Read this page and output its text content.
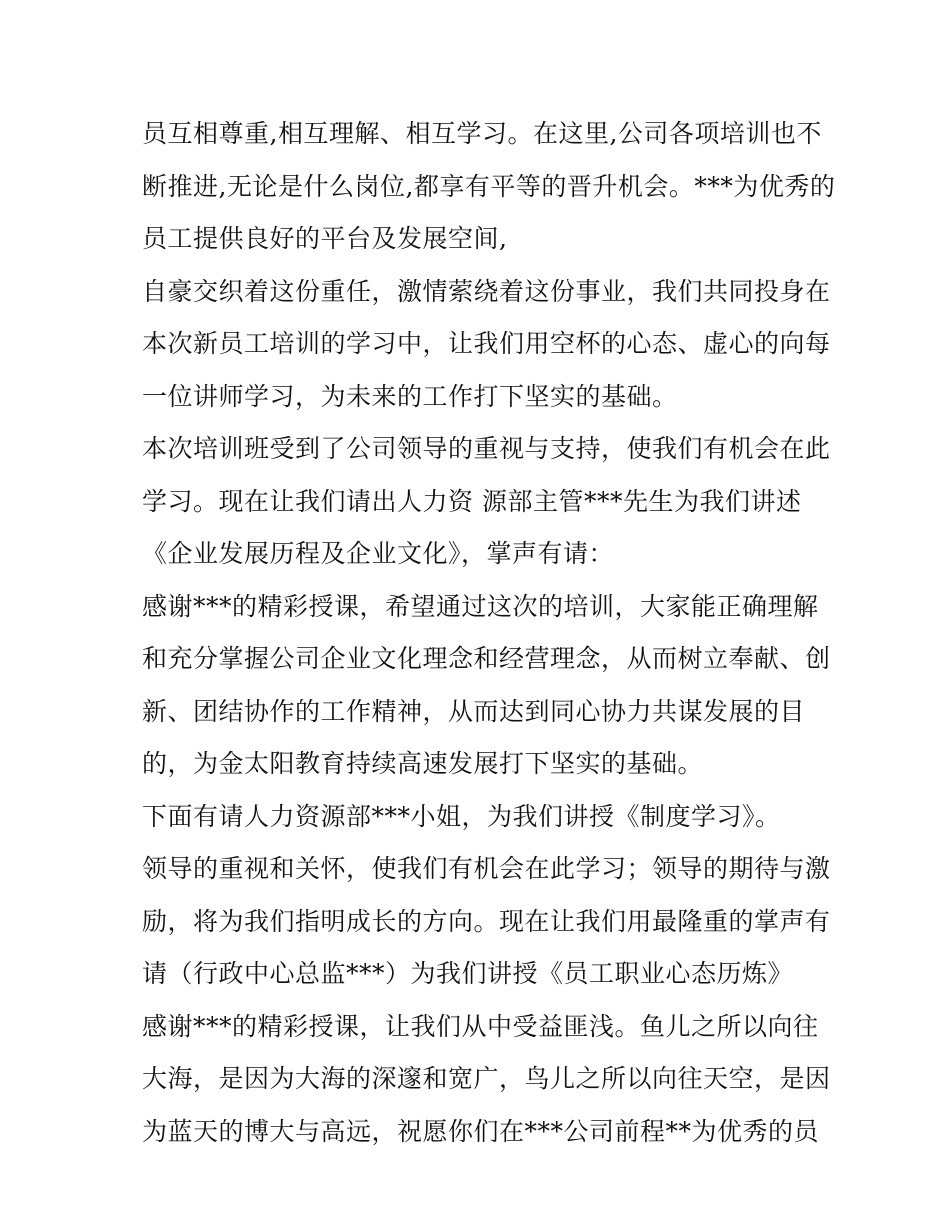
员互相尊重,相互理解、相互学习。在这里,公司各项培训也不
断推进,无论是什么岗位,都享有平等的晋升机会。***为优秀的
员工提供良好的平台及发展空间,
自豪交织着这份重任，激情萦绕着这份事业，我们共同投身在
本次新员工培训的学习中，让我们用空杯的心态、虚心的向每
一位讲师学习，为未来的工作打下坚实的基础。
本次培训班受到了公司领导的重视与支持，使我们有机会在此
学习。现在让我们请出人力资 源部主管***先生为我们讲述
《企业发展历程及企业文化》，掌声有请：
感谢***的精彩授课，希望通过这次的培训，大家能正确理解
和充分掌握公司企业文化理念和经营理念，从而树立奉献、创
新、团结协作的工作精神，从而达到同心协力共谋发展的目
的，为金太阳教育持续高速发展打下坚实的基础。
下面有请人力资源部***小姐，为我们讲授《制度学习》。
领导的重视和关怀，使我们有机会在此学习；领导的期待与激
励，将为我们指明成长的方向。现在让我们用最隆重的掌声有
请（行政中心总监***）为我们讲授《员工职业心态历炼》
感谢***的精彩授课，让我们从中受益匪浅。鱼儿之所以向往
大海，是因为大海的深邃和宽广，鸟儿之所以向往天空，是因
为蓝天的博大与高远，祝愿你们在***公司前程**为优秀的员
